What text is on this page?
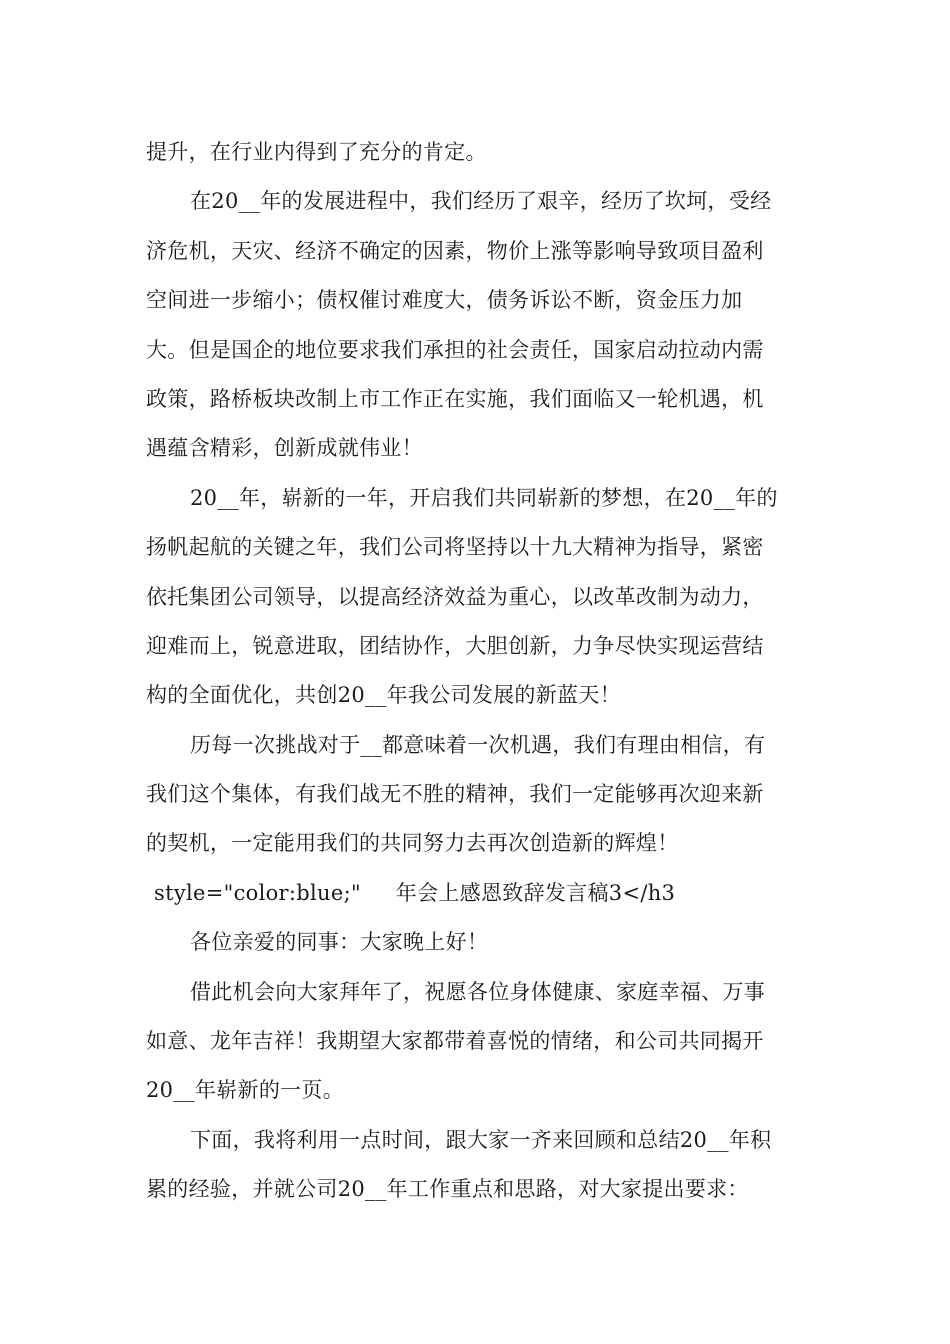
提升，在行业内得到了充分的肯定。
在20__年的发展进程中，我们经历了艰辛，经历了坎坷，受经
济危机，天灾、经济不确定的因素，物价上涨等影响导致项目盈利
空间进一步缩小；债权催讨难度大，债务诉讼不断，资金压力加
大。但是国企的地位要求我们承担的社会责任，国家启动拉动内需
政策，路桥板块改制上市工作正在实施，我们面临又一轮机遇，机
遇蕴含精彩，创新成就伟业！
20__年，崭新的一年，开启我们共同崭新的梦想，在20__年的
扬帆起航的关键之年，我们公司将坚持以十九大精神为指导，紧密
依托集团公司领导，以提高经济效益为重心，以改革改制为动力，
迎难而上，锐意进取，团结协作，大胆创新，力争尽快实现运营结
构的全面优化，共创20__年我公司发展的新蓝天！
历每一次挑战对于__都意味着一次机遇，我们有理由相信，有
我们这个集体，有我们战无不胜的精神，我们一定能够再次迎来新
的契机，一定能用我们的共同努力去再次创造新的辉煌！
style="color:blue;"     年会上感恩致辞发言稿3</h3
各位亲爱的同事：大家晚上好！
借此机会向大家拜年了，祝愿各位身体健康、家庭幸福、万事
如意、龙年吉祥！我期望大家都带着喜悦的情绪，和公司共同揭开
20__年崭新的一页。
下面，我将利用一点时间，跟大家一齐来回顾和总结20__年积
累的经验，并就公司20__年工作重点和思路，对大家提出要求：
